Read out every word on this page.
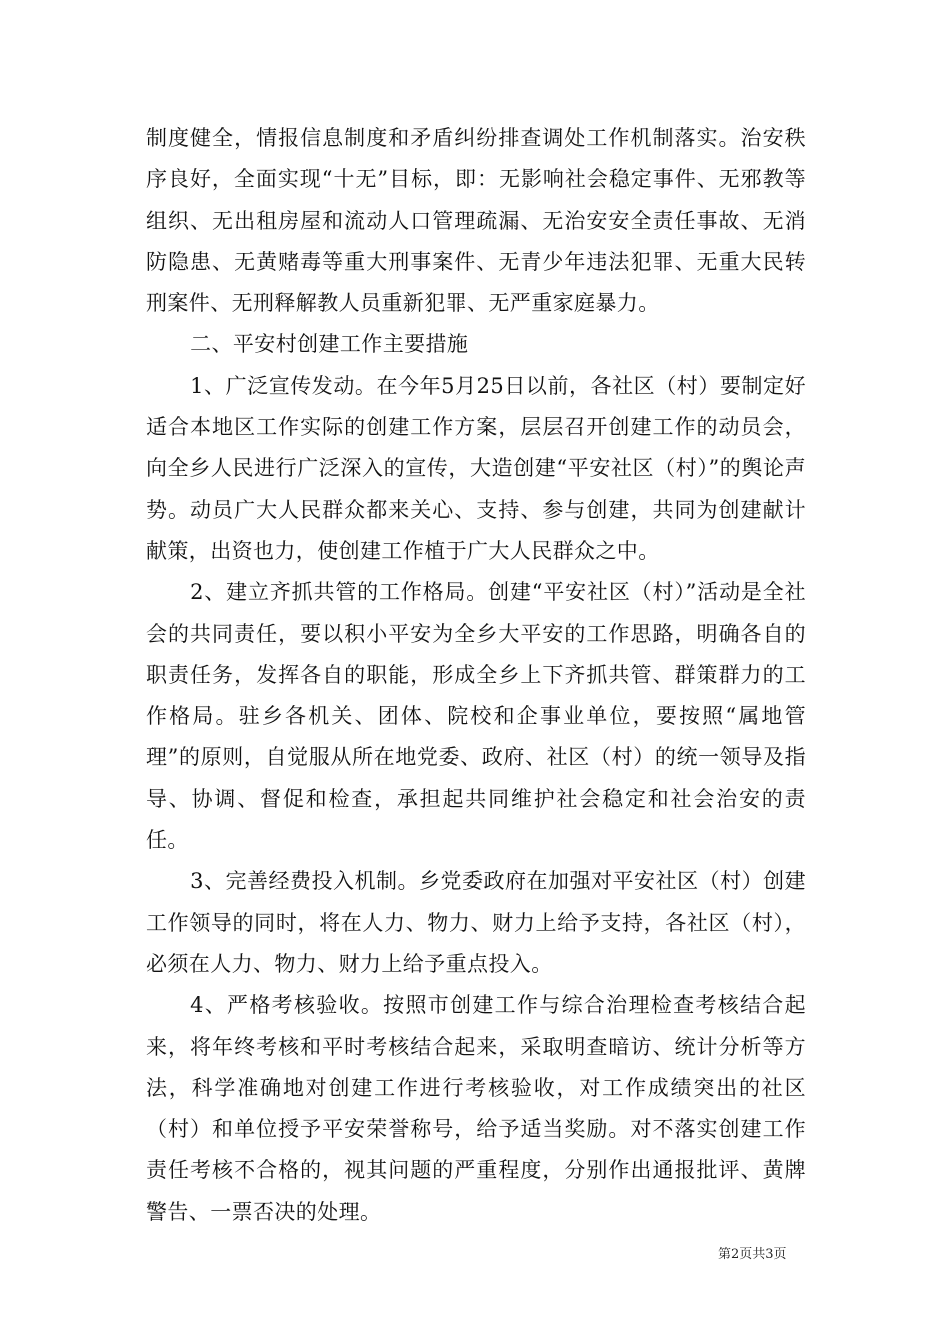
制度健全，情报信息制度和矛盾纠纷排查调处工作机制落实。治安秩序良好，全面实现“十无”目标，即：无影响社会稳定事件、无邪教等组织、无出租房屋和流动人口管理疏漏、无治安安全责任事故、无消防隐患、无黄赌毒等重大刑事案件、无青少年违法犯罪、无重大民转刑案件、无刑释解教人员重新犯罪、无严重家庭暴力。

二、平安村创建工作主要措施

1、广泛宣传发动。在今年5月25日以前，各社区（村）要制定好适合本地区工作实际的创建工作方案，层层召开创建工作的动员会，向全乡人民进行广泛深入的宣传，大造创建“平安社区（村）”的舆论声势。动员广大人民群众都来关心、支持、参与创建，共同为创建献计献策，出资也力，使创建工作植于广大人民群众之中。

2、建立齐抓共管的工作格局。创建“平安社区（村）”活动是全社会的共同责任，要以积小平安为全乡大平安的工作思路，明确各自的职责任务，发挥各自的职能，形成全乡上下齐抓共管、群策群力的工作格局。驻乡各机关、团体、院校和企事业单位，要按照“属地管理”的原则，自觉服从所在地党委、政府、社区（村）的统一领导及指导、协调、督促和检查，承担起共同维护社会稳定和社会治安的责任。

3、完善经费投入机制。乡党委政府在加强对平安社区（村）创建工作领导的同时，将在人力、物力、财力上给予支持，各社区（村），必须在人力、物力、财力上给予重点投入。

4、严格考核验收。按照市创建工作与综合治理检查考核结合起来，将年终考核和平时考核结合起来，采取明查暗访、统计分析等方法，科学准确地对创建工作进行考核验收，对工作成绩突出的社区（村）和单位授予平安荣誉称号，给予适当奖励。对不落实创建工作责任考核不合格的，视其问题的严重程度，分别作出通报批评、黄牌警告、一票否决的处理。

第2页共3页
